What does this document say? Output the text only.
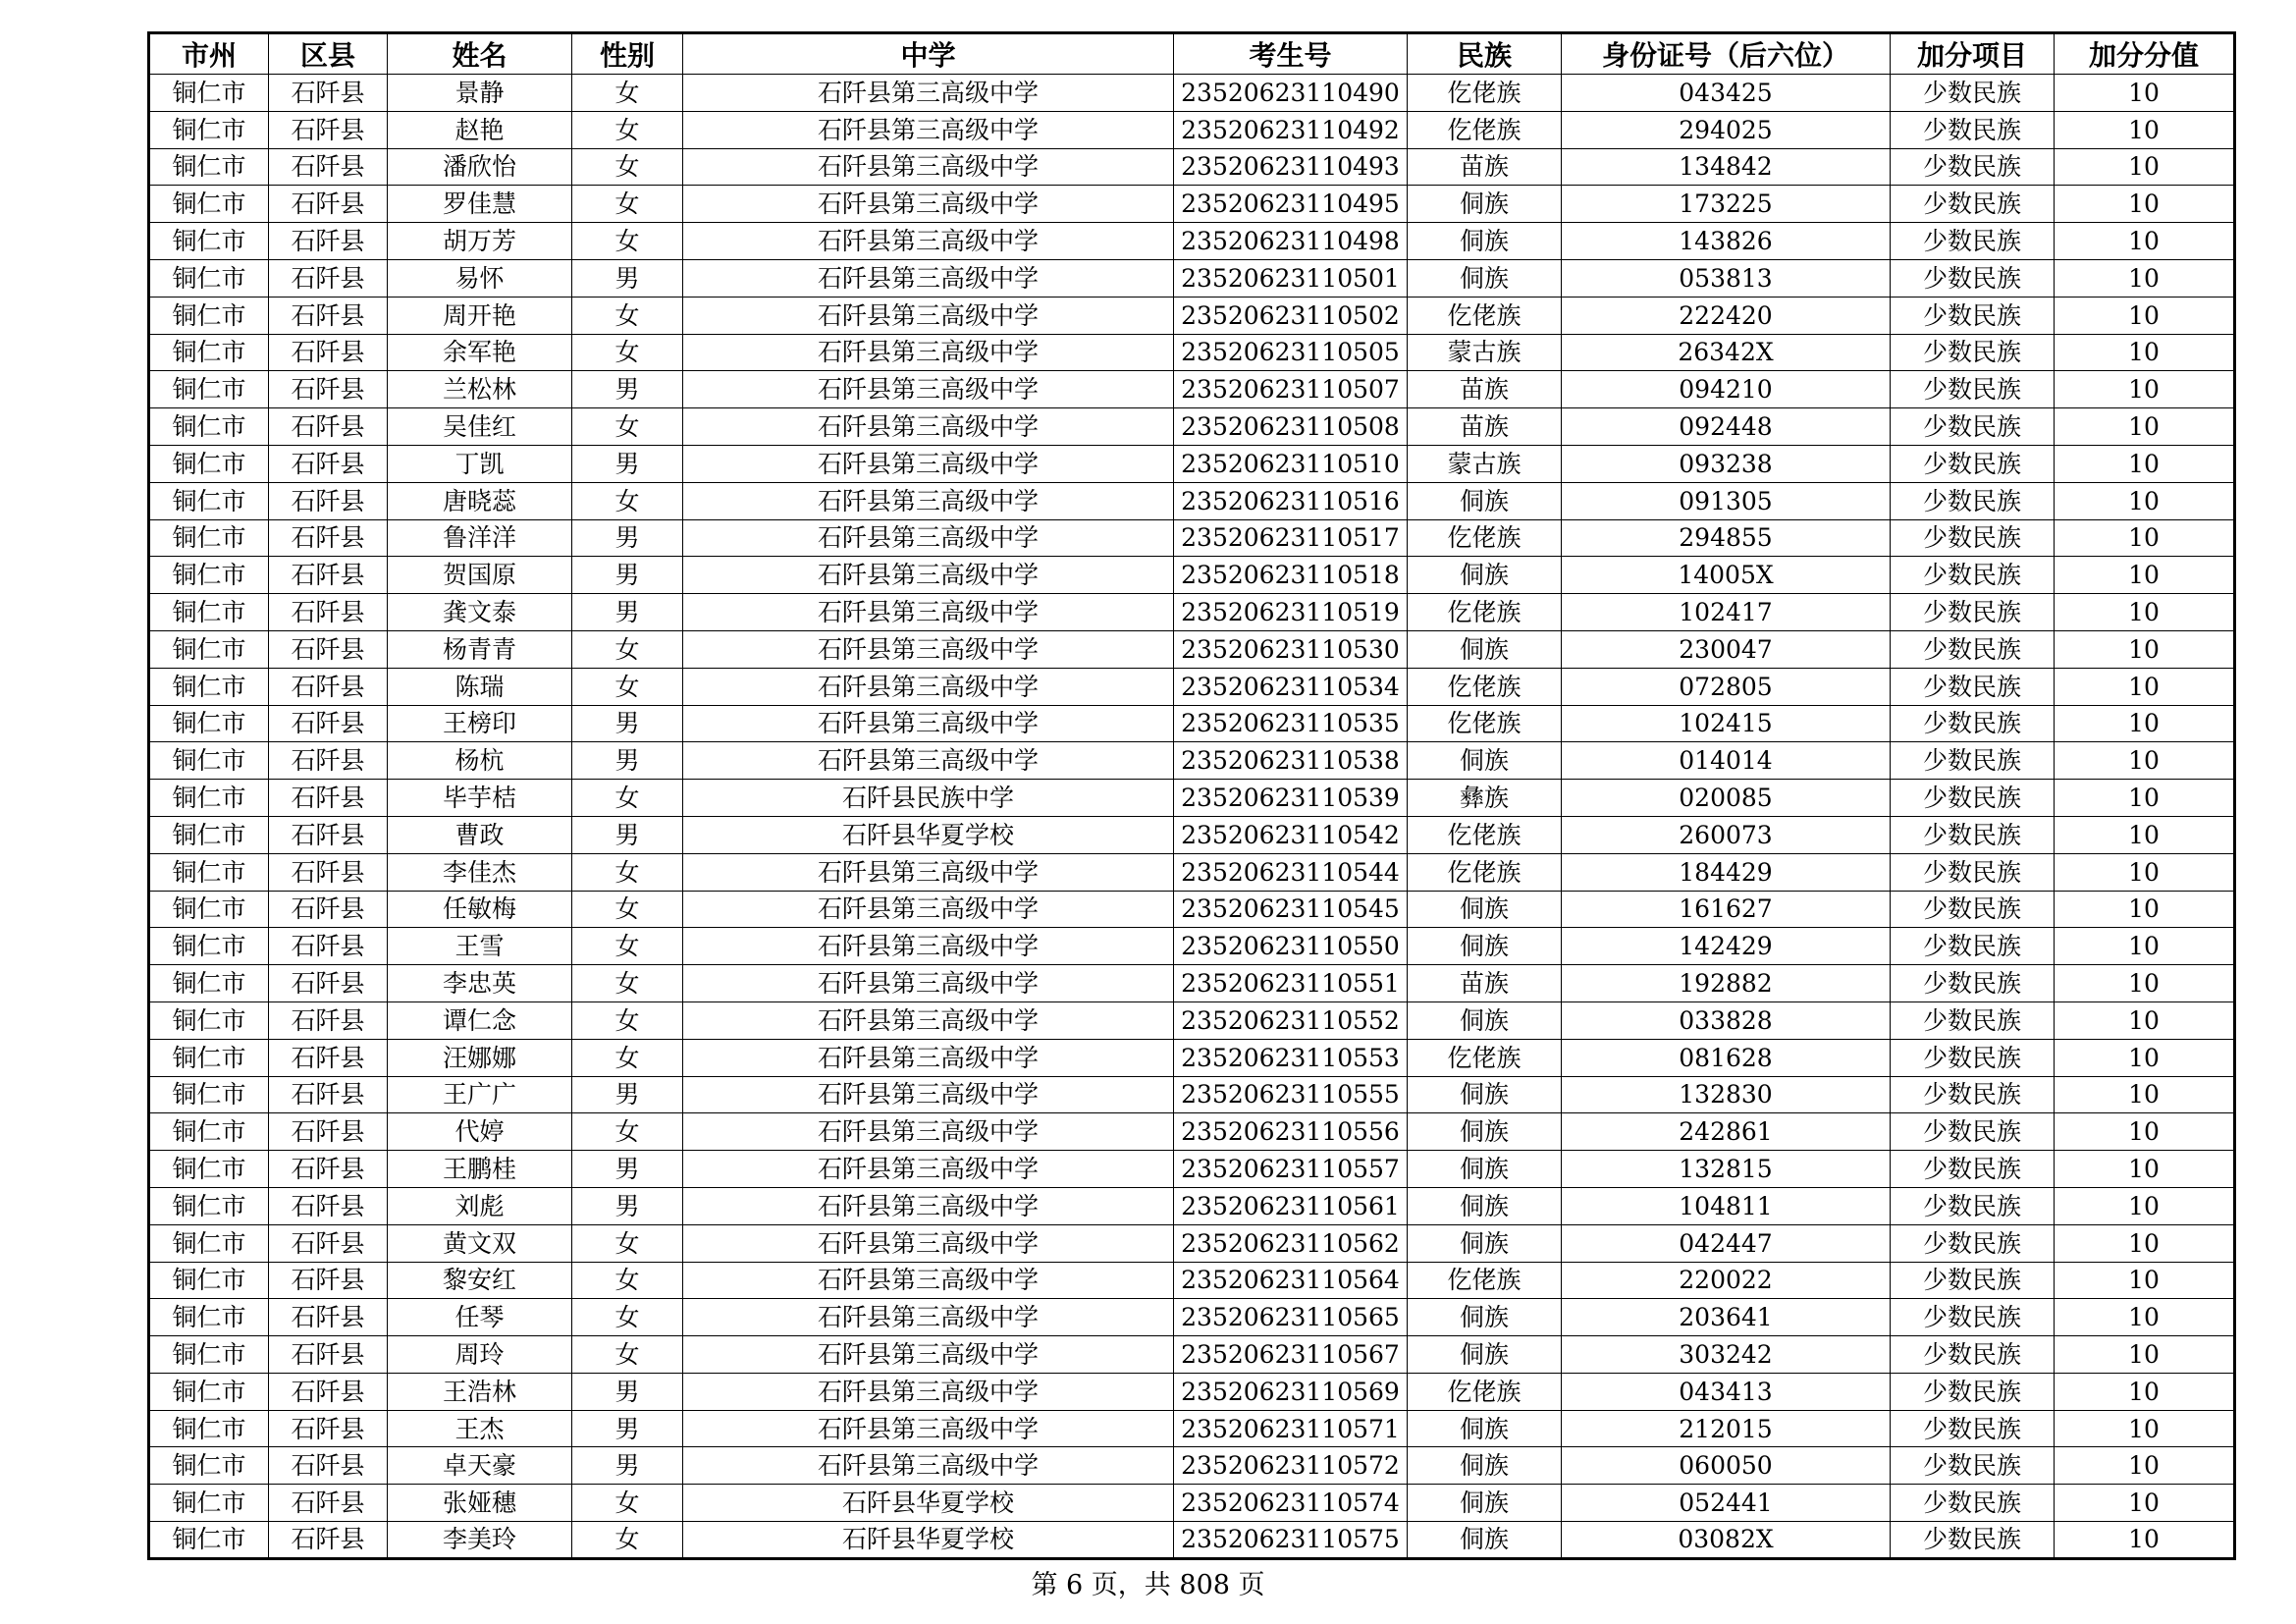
市州	区县	姓名	性别	中学	考生号	民族	身份证号（后六位）	加分项目	加分分值
铜仁市	石阡县	景静	女	石阡县第三高级中学	23520623110490	仡佬族	043425	少数民族	10
铜仁市	石阡县	赵艳	女	石阡县第三高级中学	23520623110492	仡佬族	294025	少数民族	10
铜仁市	石阡县	潘欣怡	女	石阡县第三高级中学	23520623110493	苗族	134842	少数民族	10
铜仁市	石阡县	罗佳慧	女	石阡县第三高级中学	23520623110495	侗族	173225	少数民族	10
铜仁市	石阡县	胡万芳	女	石阡县第三高级中学	23520623110498	侗族	143826	少数民族	10
铜仁市	石阡县	易怀	男	石阡县第三高级中学	23520623110501	侗族	053813	少数民族	10
铜仁市	石阡县	周开艳	女	石阡县第三高级中学	23520623110502	仡佬族	222420	少数民族	10
铜仁市	石阡县	余军艳	女	石阡县第三高级中学	23520623110505	蒙古族	26342X	少数民族	10
铜仁市	石阡县	兰松林	男	石阡县第三高级中学	23520623110507	苗族	094210	少数民族	10
铜仁市	石阡县	吴佳红	女	石阡县第三高级中学	23520623110508	苗族	092448	少数民族	10
铜仁市	石阡县	丁凯	男	石阡县第三高级中学	23520623110510	蒙古族	093238	少数民族	10
铜仁市	石阡县	唐晓蕊	女	石阡县第三高级中学	23520623110516	侗族	091305	少数民族	10
铜仁市	石阡县	鲁洋洋	男	石阡县第三高级中学	23520623110517	仡佬族	294855	少数民族	10
铜仁市	石阡县	贺国原	男	石阡县第三高级中学	23520623110518	侗族	14005X	少数民族	10
铜仁市	石阡县	龚文泰	男	石阡县第三高级中学	23520623110519	仡佬族	102417	少数民族	10
铜仁市	石阡县	杨青青	女	石阡县第三高级中学	23520623110530	侗族	230047	少数民族	10
铜仁市	石阡县	陈瑞	女	石阡县第三高级中学	23520623110534	仡佬族	072805	少数民族	10
铜仁市	石阡县	王榜印	男	石阡县第三高级中学	23520623110535	仡佬族	102415	少数民族	10
铜仁市	石阡县	杨杭	男	石阡县第三高级中学	23520623110538	侗族	014014	少数民族	10
铜仁市	石阡县	毕芋桔	女	石阡县民族中学	23520623110539	彝族	020085	少数民族	10
铜仁市	石阡县	曹政	男	石阡县华夏学校	23520623110542	仡佬族	260073	少数民族	10
铜仁市	石阡县	李佳杰	女	石阡县第三高级中学	23520623110544	仡佬族	184429	少数民族	10
铜仁市	石阡县	任敏梅	女	石阡县第三高级中学	23520623110545	侗族	161627	少数民族	10
铜仁市	石阡县	王雪	女	石阡县第三高级中学	23520623110550	侗族	142429	少数民族	10
铜仁市	石阡县	李忠英	女	石阡县第三高级中学	23520623110551	苗族	192882	少数民族	10
铜仁市	石阡县	谭仁念	女	石阡县第三高级中学	23520623110552	侗族	033828	少数民族	10
铜仁市	石阡县	汪娜娜	女	石阡县第三高级中学	23520623110553	仡佬族	081628	少数民族	10
铜仁市	石阡县	王广广	男	石阡县第三高级中学	23520623110555	侗族	132830	少数民族	10
铜仁市	石阡县	代婷	女	石阡县第三高级中学	23520623110556	侗族	242861	少数民族	10
铜仁市	石阡县	王鹏桂	男	石阡县第三高级中学	23520623110557	侗族	132815	少数民族	10
铜仁市	石阡县	刘彪	男	石阡县第三高级中学	23520623110561	侗族	104811	少数民族	10
铜仁市	石阡县	黄文双	女	石阡县第三高级中学	23520623110562	侗族	042447	少数民族	10
铜仁市	石阡县	黎安红	女	石阡县第三高级中学	23520623110564	仡佬族	220022	少数民族	10
铜仁市	石阡县	任琴	女	石阡县第三高级中学	23520623110565	侗族	203641	少数民族	10
铜仁市	石阡县	周玲	女	石阡县第三高级中学	23520623110567	侗族	303242	少数民族	10
铜仁市	石阡县	王浩林	男	石阡县第三高级中学	23520623110569	仡佬族	043413	少数民族	10
铜仁市	石阡县	王杰	男	石阡县第三高级中学	23520623110571	侗族	212015	少数民族	10
铜仁市	石阡县	卓天豪	男	石阡县第三高级中学	23520623110572	侗族	060050	少数民族	10
铜仁市	石阡县	张娅穗	女	石阡县华夏学校	23520623110574	侗族	052441	少数民族	10
铜仁市	石阡县	李美玲	女	石阡县华夏学校	23520623110575	侗族	03082X	少数民族	10
第 6 页，共 808 页
